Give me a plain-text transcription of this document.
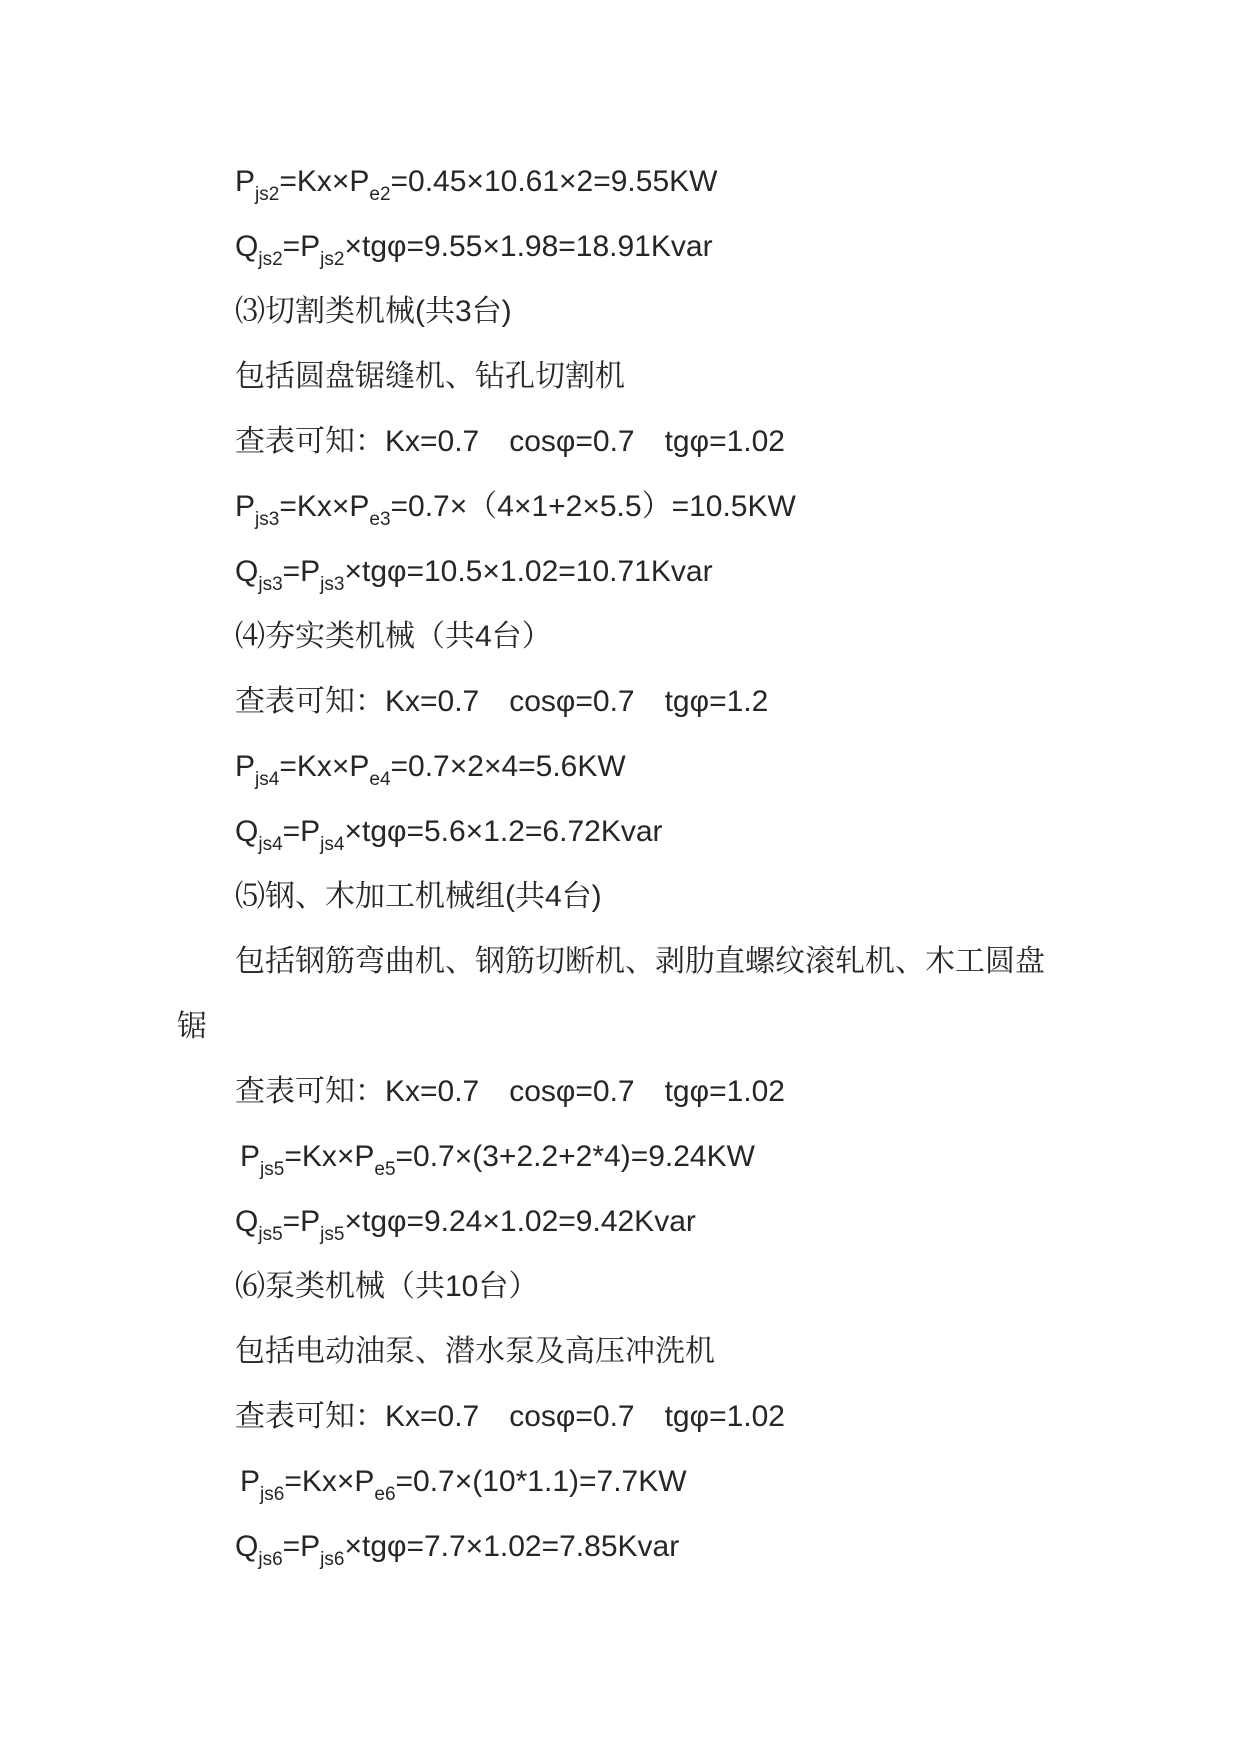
$P_{js2}=Kx\times P_{e2}=0.45\times 10.61\times 2=9.55KW$
$Q_{js2}=P_{js2}\times tg\varphi=9.55\times 1.98=18.91Kvar$
⑶切割类机械(共3台)
包括圆盘锯缝机、钻孔切割机
查表可知：Kx=0.7　cosφ=0.7　tgφ=1.02
$P_{js3}=Kx\times P_{e3}=0.7\times(4\times 1+2\times 5.5)=10.5KW$
$Q_{js3}=P_{js3}\times tg\varphi=10.5\times 1.02=10.71Kvar$
⑷夯实类机械（共4台）
查表可知：Kx=0.7　cosφ=0.7　tgφ=1.2
$P_{js4}=Kx\times P_{e4}=0.7\times 2\times 4=5.6KW$
$Q_{js4}=P_{js4}\times tg\varphi=5.6\times 1.2=6.72Kvar$
⑸钢、木加工机械组(共4台)
包括钢筋弯曲机、钢筋切断机、剥肋直螺纹滚轧机、木工圆盘
锯
查表可知：Kx=0.7　cosφ=0.7　tgφ=1.02
$P_{js5}=Kx\times P_{e5}=0.7\times(3+2.2+2*4)=9.24KW$
$Q_{js5}=P_{js5}\times tg\varphi=9.24\times 1.02=9.42Kvar$
⑹泵类机械（共10台）
包括电动油泵、潜水泵及高压冲洗机
查表可知：Kx=0.7　cosφ=0.7　tgφ=1.02
$P_{js6}=Kx\times P_{e6}=0.7\times(10*1.1)=7.7KW$
$Q_{js6}=P_{js6}\times tg\varphi=7.7\times 1.02=7.85Kvar$
